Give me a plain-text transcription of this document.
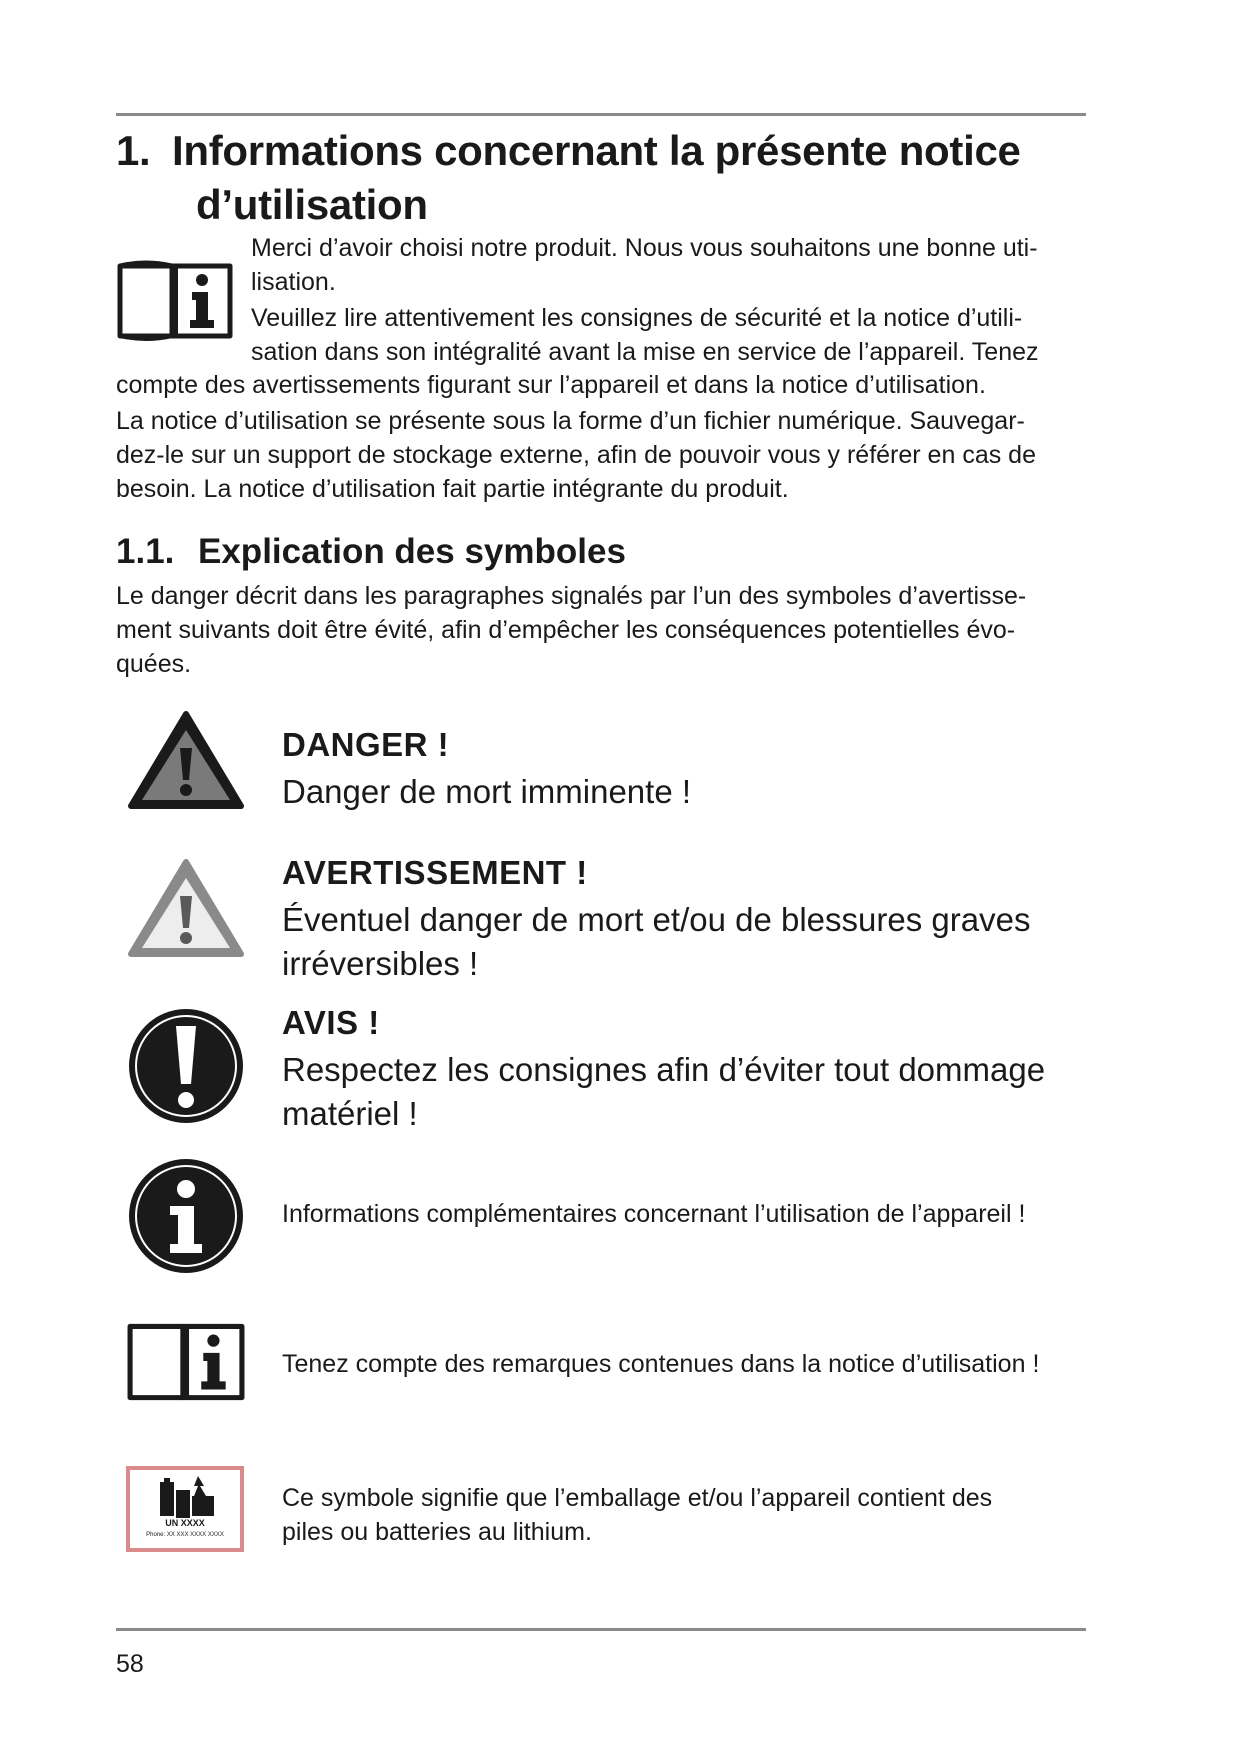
1. Informations concernant la présente notice
d’utilisation
Merci d’avoir choisi notre produit. Nous vous souhaitons une bonne uti-
lisation.
Veuillez lire attentivement les consignes de sécurité et la notice d’utili-
sation dans son intégralité avant la mise en service de l’appareil. Tenez
compte des avertissements figurant sur l’appareil et dans la notice d’utilisation.
La notice d’utilisation se présente sous la forme d’un fichier numérique. Sauvegar-
dez-le sur un support de stockage externe, afin de pouvoir vous y référer en cas de
besoin. La notice d’utilisation fait partie intégrante du produit.
1.1. Explication des symboles
Le danger décrit dans les paragraphes signalés par l’un des symboles d’avertisse-
ment suivants doit être évité, afin d’empêcher les conséquences potentielles évo-
quées.
DANGER !
Danger de mort imminente !
AVERTISSEMENT !
Éventuel danger de mort et/ou de blessures graves
irréversibles !
AVIS !
Respectez les consignes afin d’éviter tout dommage
matériel !
Informations complémentaires concernant l’utilisation de l’appareil !
Tenez compte des remarques contenues dans la notice d’utilisation !
UN XXXX
Phone: XX XXX XXXX XXXX
Ce symbole signifie que l’emballage et/ou l’appareil contient des
piles ou batteries au lithium.
58
